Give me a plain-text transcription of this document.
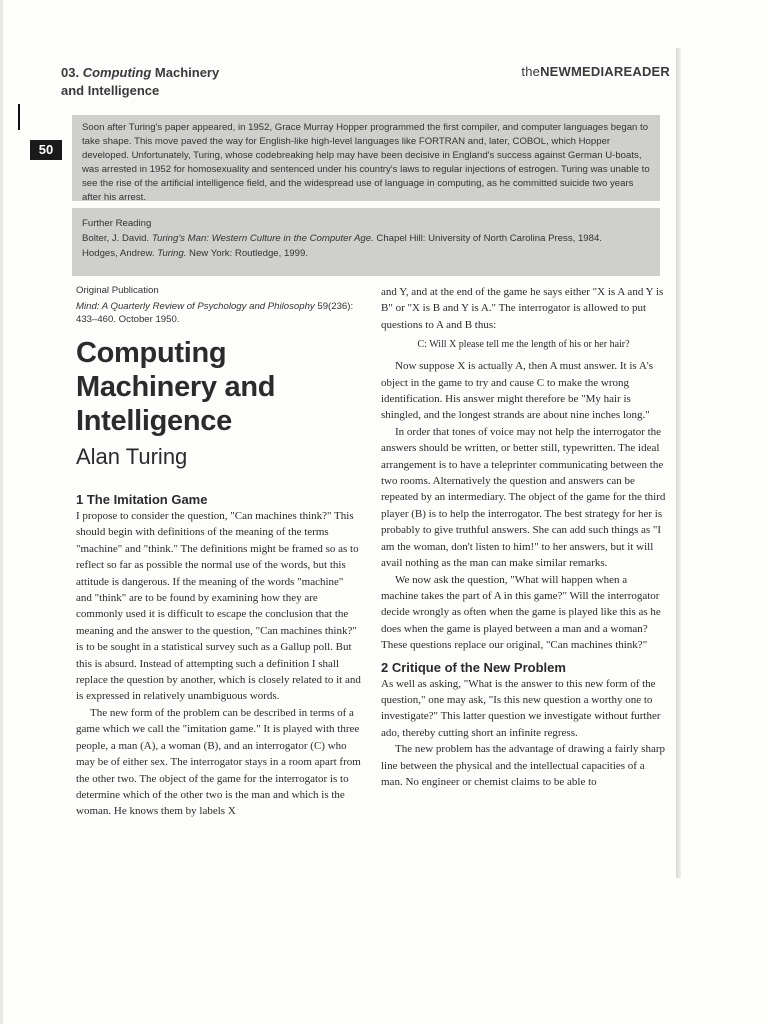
03. Computing Machinery
and Intelligence
theNEWMEDIAREADER
50
Soon after Turing's paper appeared, in 1952, Grace Murray Hopper programmed the first compiler, and computer languages began to take shape. This move paved the way for English-like high-level languages like FORTRAN and, later, COBOL, which Hopper developed. Unfortunately, Turing, whose codebreaking help may have been decisive in England's success against German U-boats, was arrested in 1952 for homosexuality and sentenced under his country's laws to regular injections of estrogen. Turing was unable to see the rise of the artificial intelligence field, and the widespread use of language in computing, as he committed suicide two years after his arrest.
Further Reading
Bolter, J. David. Turing's Man: Western Culture in the Computer Age. Chapel Hill: University of North Carolina Press, 1984.
Hodges, Andrew. Turing. New York: Routledge, 1999.
Original Publication
Mind: A Quarterly Review of Psychology and Philosophy 59(236):
433–460. October 1950.
Computing
Machinery and
Intelligence
Alan Turing
1 The Imitation Game

I propose to consider the question, "Can machines think?" This should begin with definitions of the meaning of the terms "machine" and "think." The definitions might be framed so as to reflect so far as possible the normal use of the words, but this attitude is dangerous. If the meaning of the words "machine" and "think" are to be found by examining how they are commonly used it is difficult to escape the conclusion that the meaning and the answer to the question, "Can machines think?" is to be sought in a statistical survey such as a Gallup poll. But this is absurd. Instead of attempting such a definition I shall replace the question by another, which is closely related to it and is expressed in relatively unambiguous words.

The new form of the problem can be described in terms of a game which we call the "imitation game." It is played with three people, a man (A), a woman (B), and an interrogator (C) who may be of either sex. The interrogator stays in a room apart from the other two. The object of the game for the interrogator is to determine which of the other two is the man and which is the woman. He knows them by labels X

and Y, and at the end of the game he says either "X is A and Y is B" or "X is B and Y is A." The interrogator is allowed to put questions to A and B thus:

C: Will X please tell me the length of his or her hair?

Now suppose X is actually A, then A must answer. It is A's object in the game to try and cause C to make the wrong identification. His answer might therefore be "My hair is shingled, and the longest strands are about nine inches long."

In order that tones of voice may not help the interrogator the answers should be written, or better still, typewritten. The ideal arrangement is to have a teleprinter communicating between the two rooms. Alternatively the question and answers can be repeated by an intermediary. The object of the game for the third player (B) is to help the interrogator. The best strategy for her is probably to give truthful answers. She can add such things as "I am the woman, don't listen to him!" to her answers, but it will avail nothing as the man can make similar remarks.

We now ask the question, "What will happen when a machine takes the part of A in this game?" Will the interrogator decide wrongly as often when the game is played like this as he does when the game is played between a man and a woman? These questions replace our original, "Can machines think?"

2 Critique of the New Problem

As well as asking, "What is the answer to this new form of the question," one may ask, "Is this new question a worthy one to investigate?" This latter question we investigate without further ado, thereby cutting short an infinite regress.

The new problem has the advantage of drawing a fairly sharp line between the physical and the intellectual capacities of a man. No engineer or chemist claims to be able to
